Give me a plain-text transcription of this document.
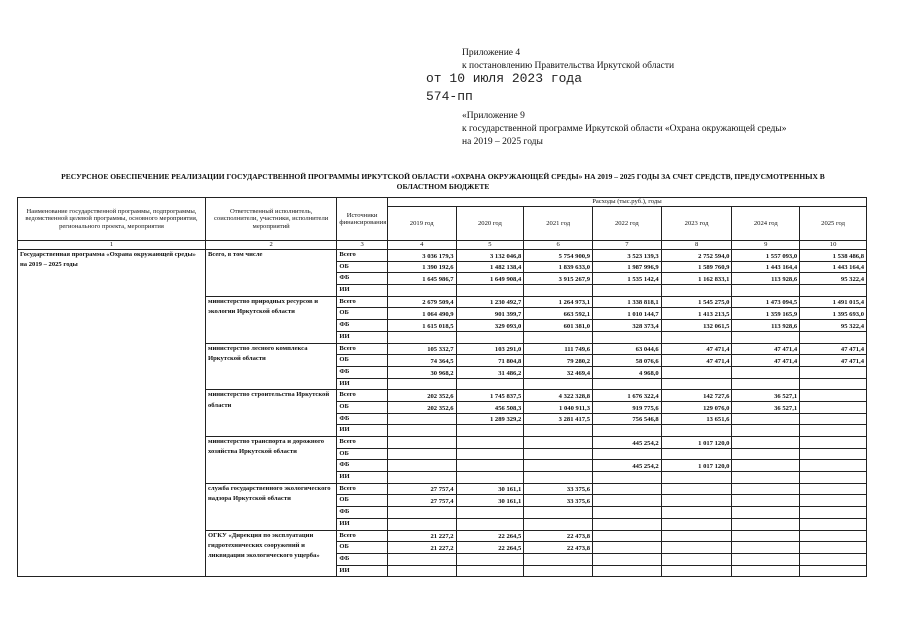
Приложение 4
к постановлению Правительства Иркутской области
от 10 июля 2023 года
574-пп
«Приложение 9
к государственной программе Иркутской области «Охрана окружающей среды»
на 2019 – 2025 годы
РЕСУРСНОЕ ОБЕСПЕЧЕНИЕ РЕАЛИЗАЦИИ ГОСУДАРСТВЕННОЙ ПРОГРАММЫ ИРКУТСКОЙ ОБЛАСТИ «ОХРАНА ОКРУЖАЮЩЕЙ СРЕДЫ» НА 2019 – 2025 ГОДЫ ЗА СЧЕТ СРЕДСТВ, ПРЕДУСМОТРЕННЫХ В
ОБЛАСТНОМ БЮДЖЕТЕ
Наименование государственной программы, подпрограммы, ведомственной целевой программы, основного мероприятия, регионального проекта, мероприятия	Ответственный исполнитель, соисполнители, участники, исполнители мероприятий	Источники финансирования	Расходы (тыс.руб.), годы						
			2019 год	2020 год	2021 год	2022 год	2023 год	2024 год	2025 год
1	2	3	4	5	6	7	8	9	10
Государственная программа «Охрана окружающей среды» на 2019 – 2025 годы	Всего, в том числе	Всего	3 036 179,3	3 132 046,8	5 754 900,9	3 523 139,3	2 752 594,0	1 557 093,0	1 538 486,8
		ОБ	1 390 192,6	1 482 138,4	1 839 633,0	1 987 996,9	1 589 760,9	1 443 164,4	1 443 164,4
		ФБ	1 645 986,7	1 649 908,4	3 915 267,9	1 535 142,4	1 162 833,1	113 928,6	95 322,4
		ИИ							
	министерство природных ресурсов и экологии Иркутской области	Всего	2 679 509,4	1 230 492,7	1 264 973,1	1 338 818,1	1 545 275,0	1 473 094,5	1 491 015,4
		ОБ	1 064 490,9	901 399,7	663 592,1	1 010 144,7	1 413 213,5	1 359 165,9	1 395 693,0
		ФБ	1 615 018,5	329 093,0	601 381,0	328 373,4	132 061,5	113 928,6	95 322,4
		ИИ							
	министерство лесного комплекса Иркутской области	Всего	105 332,7	103 291,0	111 749,6	63 044,6	47 471,4	47 471,4	47 471,4
		ОБ	74 364,5	71 804,8	79 280,2	58 076,6	47 471,4	47 471,4	47 471,4
		ФБ	30 968,2	31 486,2	32 469,4	4 968,0			
		ИИ							
	министерство строительства Иркутской области	Всего	202 352,6	1 745 837,5	4 322 328,8	1 676 322,4	142 727,6	36 527,1	
		ОБ	202 352,6	456 508,3	1 040 911,3	919 775,6	129 076,0	36 527,1	
		ФБ		1 289 329,2	3 281 417,5	756 546,8	13 651,6		
		ИИ							
	министерство транспорта и дорожного хозяйства Иркутской области	Всего				445 254,2	1 017 120,0		
		ОБ							
		ФБ				445 254,2	1 017 120,0		
		ИИ							
	служба государственного экологического надзора Иркутской области	Всего	27 757,4	30 161,1	33 375,6				
		ОБ	27 757,4	30 161,1	33 375,6				
		ФБ							
		ИИ							
	ОГКУ «Дирекция по эксплуатации гидротехнических сооружений и ликвидации экологического ущерба»	Всего	21 227,2	22 264,5	22 473,8				
		ОБ	21 227,2	22 264,5	22 473,8				
		ФБ							
		ИИ							
